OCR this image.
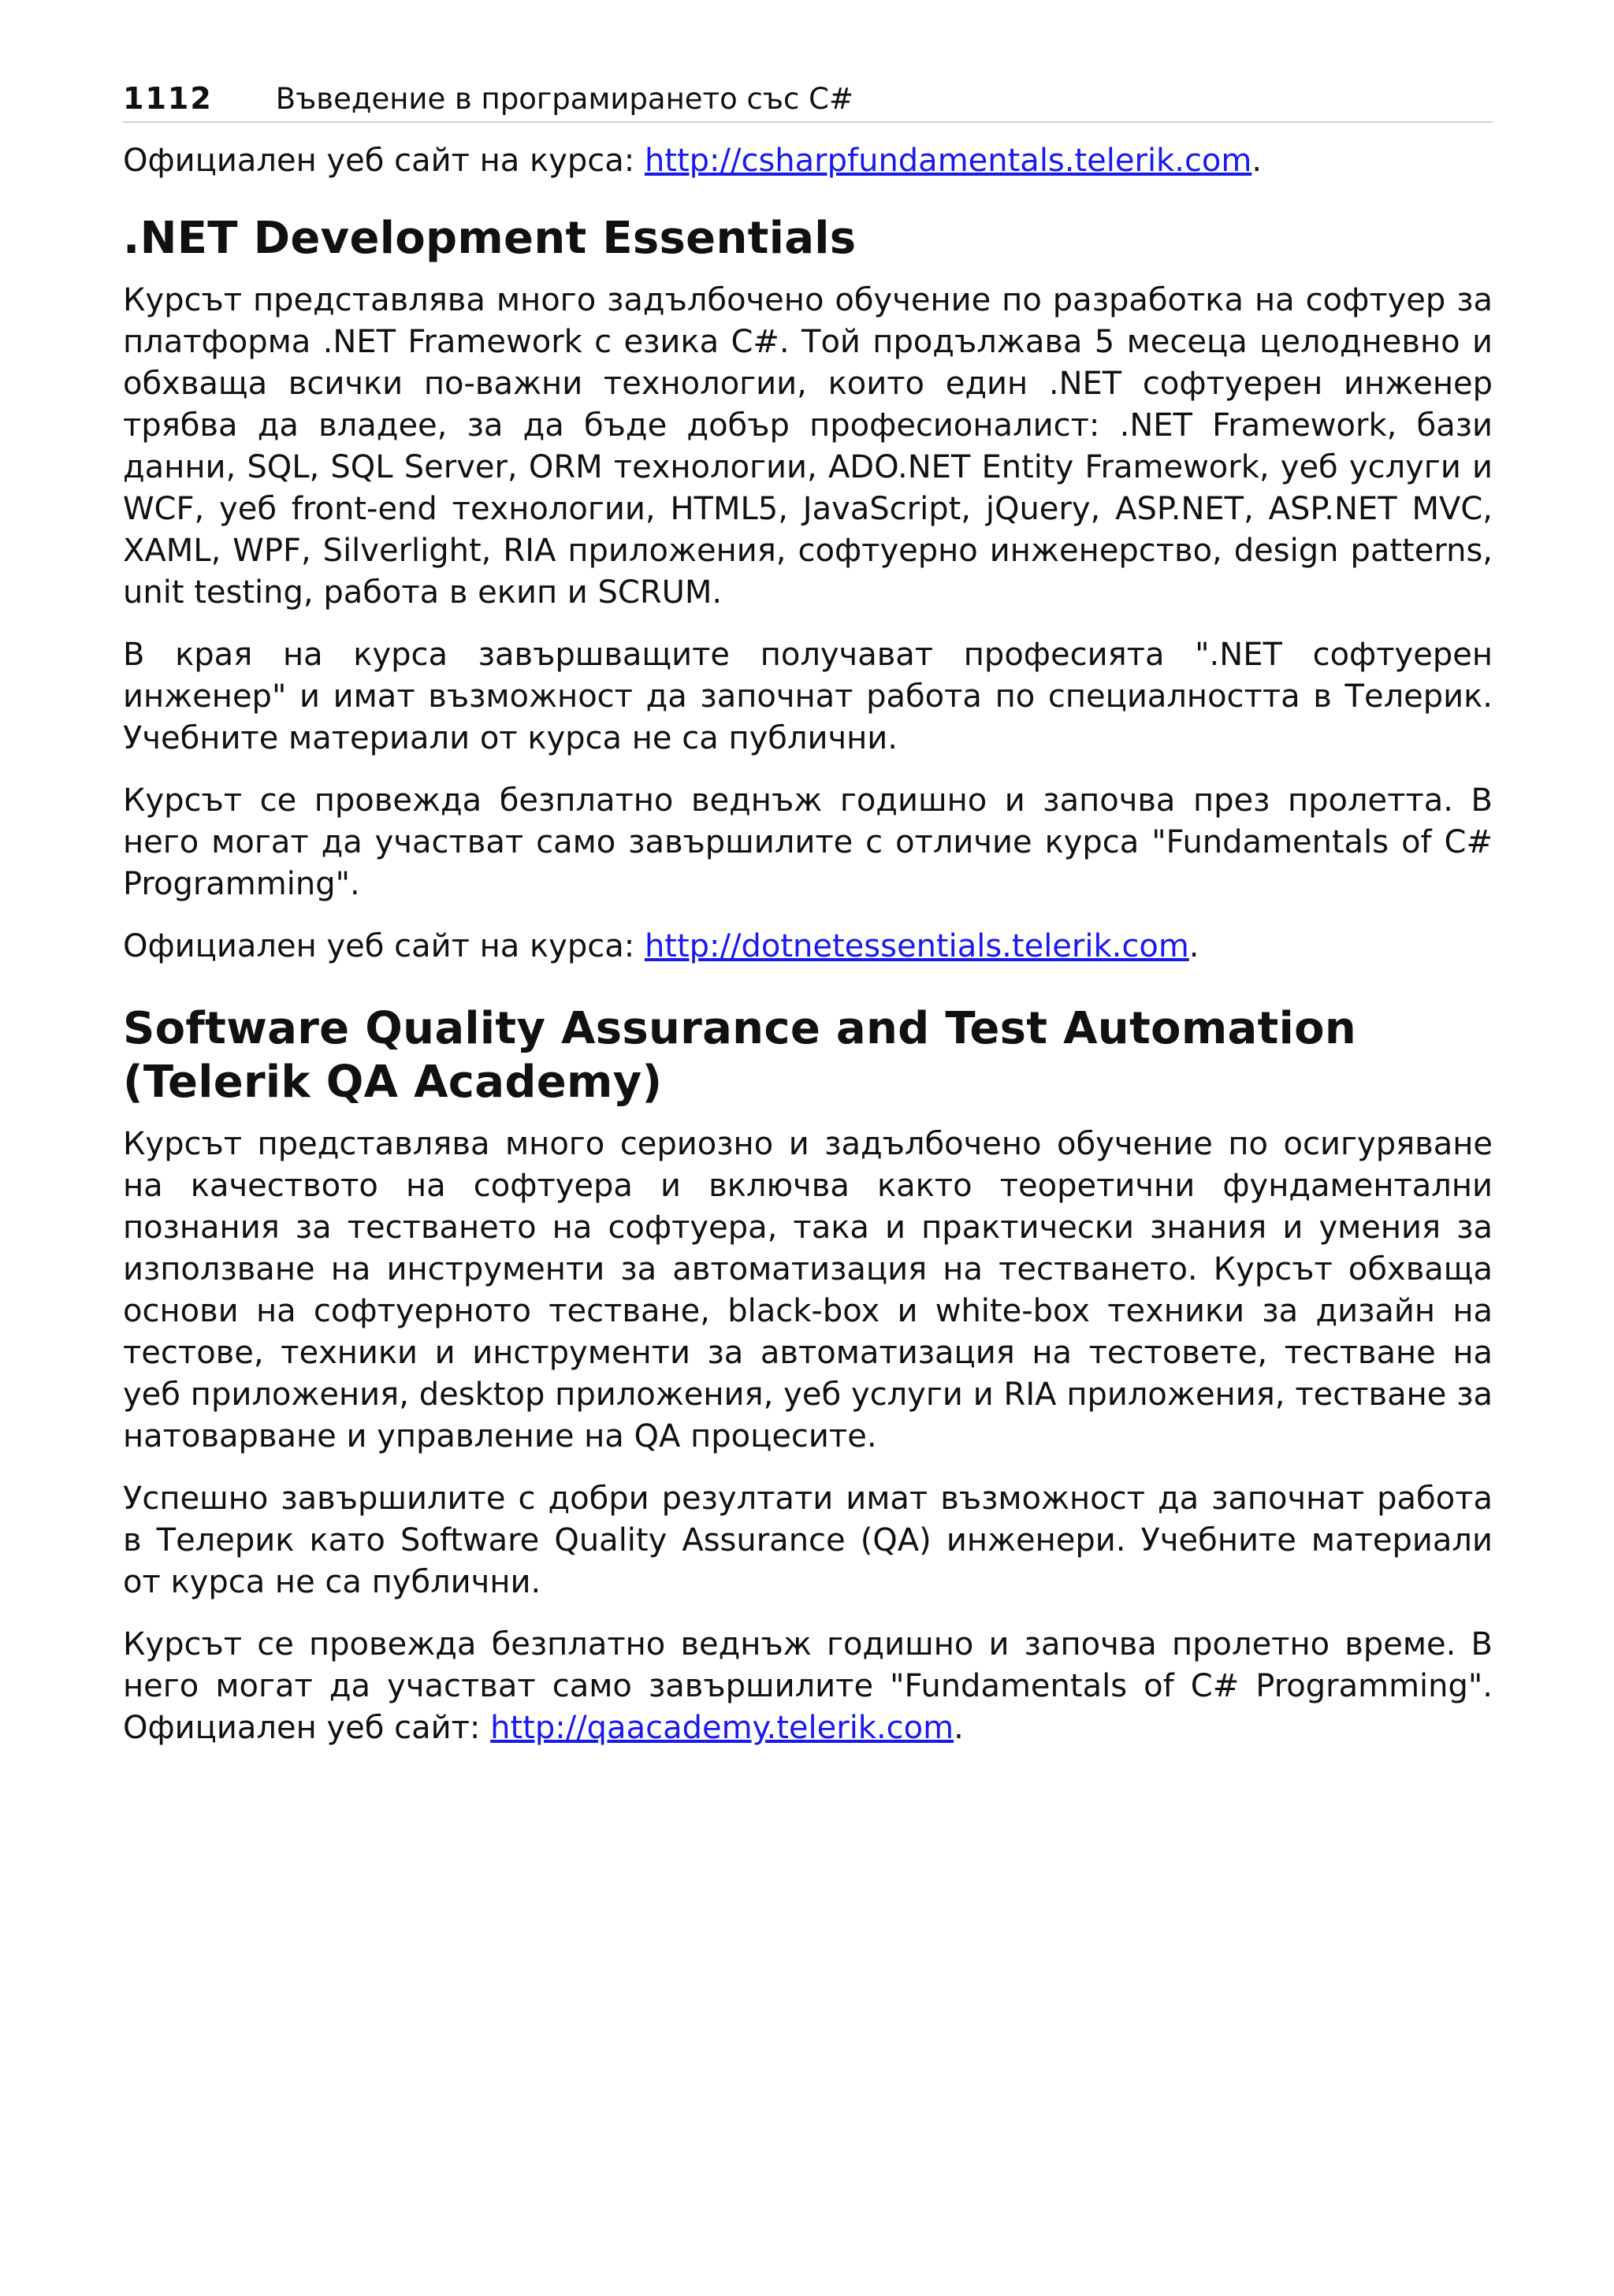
1112 Въведение в програмирането със C#

Официален уеб сайт на курса: http://csharpfundamentals.telerik.com.

.NET Development Essentials

Курсът представлява много задълбочено обучение по разработка на софтуер за платформа .NET Framework с езика C#. Той продължава 5 месеца целодневно и обхваща всички по-важни технологии, които един .NET софтуерен инженер трябва да владее, за да бъде добър професионалист: .NET Framework, бази данни, SQL, SQL Server, ORM технологии, ADO.NET Entity Framework, уеб услуги и WCF, уеб front-end технологии, HTML5, JavaScript, jQuery, ASP.NET, ASP.NET MVC, XAML, WPF, Silverlight, RIA приложения, софтуерно инженерство, design patterns, unit testing, работа в екип и SCRUM.

В края на курса завършващите получават професията ".NET софтуерен инженер" и имат възможност да започнат работа по специалността в Телерик. Учебните материали от курса не са публични.

Курсът се провежда безплатно веднъж годишно и започва през пролетта. В него могат да участват само завършилите с отличие курса "Fundamentals of C# Programming".

Официален уеб сайт на курса: http://dotnetessentials.telerik.com.

Software Quality Assurance and Test Automation
(Telerik QA Academy)

Курсът представлява много сериозно и задълбочено обучение по осигуряване на качеството на софтуера и включва както теоретични фундаментални познания за тестването на софтуера, така и практически знания и умения за използване на инструменти за автоматизация на тестването. Курсът обхваща основи на софтуерното тестване, black-box и white-box техники за дизайн на тестове, техники и инструменти за автоматизация на тестовете, тестване на уеб приложения, desktop приложения, уеб услуги и RIA приложения, тестване за натоварване и управление на QA процесите.

Успешно завършилите с добри резултати имат възможност да започнат работа в Телерик като Software Quality Assurance (QA) инженери. Учебните материали от курса не са публични.

Курсът се провежда безплатно веднъж годишно и започва пролетно време. В него могат да участват само завършилите "Fundamentals of C# Programming". Официален уеб сайт: http://qaacademy.telerik.com.
